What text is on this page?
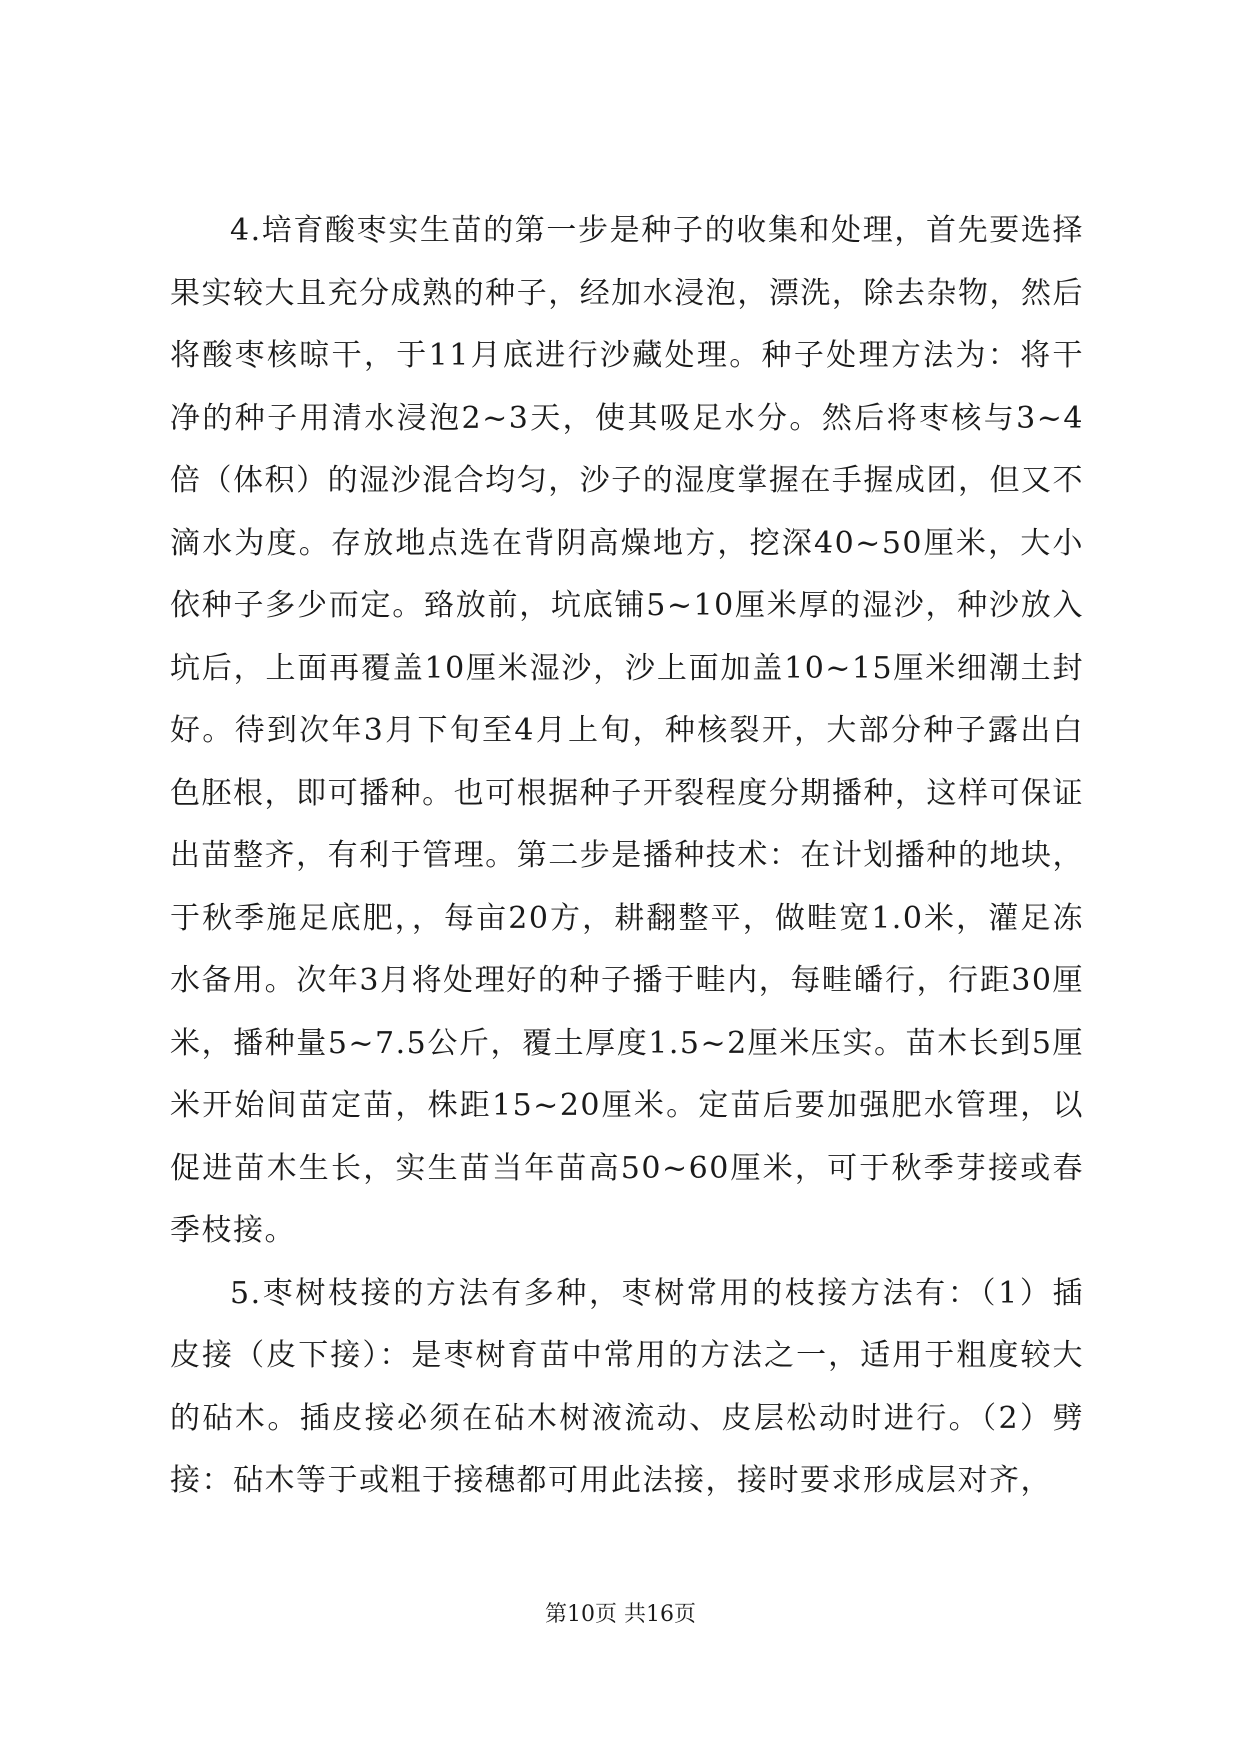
4.培育酸枣实生苗的第一步是种子的收集和处理，首先要选择果实较大且充分成熟的种子，经加水浸泡，漂洗，除去杂物，然后将酸枣核晾干，于11月底进行沙藏处理。种子处理方法为：将干净的种子用清水浸泡2~3天，使其吸足水分。然后将枣核与3~4倍（体积）的湿沙混合均匀，沙子的湿度掌握在手握成团，但又不滴水为度。存放地点选在背阴高燥地方，挖深40~50厘米，大小依种子多少而定。臵放前，坑底铺5~10厘米厚的湿沙，种沙放入坑后，上面再覆盖10厘米湿沙，沙上面加盖10~15厘米细潮土封好。待到次年3月下旬至4月上旬，种核裂开，大部分种子露出白色胚根，即可播种。也可根据种子开裂程度分期播种，这样可保证出苗整齐，有利于管理。第二步是播种技术：在计划播种的地块，于秋季施足底肥，，每亩20方，耕翻整平，做畦宽1.0米，灌足冻水备用。次年3月将处理好的种子播于畦内，每畦皤行，行距30厘米，播种量5~7.5公斤，覆土厚度1.5~2厘米压实。苗木长到5厘米开始间苗定苗，株距15~20厘米。定苗后要加强肥水管理，以促进苗木生长，实生苗当年苗高50~60厘米，可于秋季芽接或春季枝接。

5.枣树枝接的方法有多种，枣树常用的枝接方法有：（1）插皮接（皮下接）：是枣树育苗中常用的方法之一，适用于粗度较大的砧木。插皮接必须在砧木树液流动、皮层松动时进行。（2）劈接：砧木等于或粗于接穗都可用此法接，接时要求形成层对齐，

第10页 共16页
